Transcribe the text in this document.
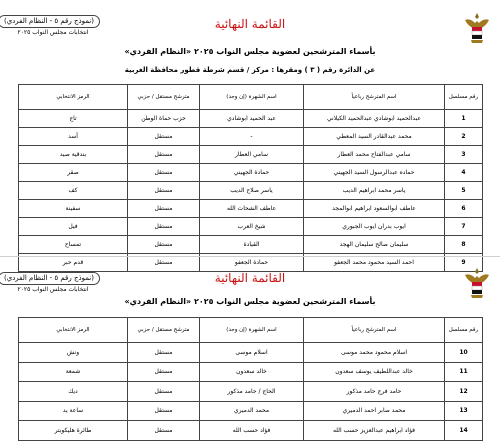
(نموذج رقم ٥ - النظام الفردي)
انتخابات مجلس النواب ٢٠٢٥
القائمة النهائية
بأسماء المترشحين لعضوية مجلس النواب ٢٠٢٥ «النظام الفردي»
عن الدائرة رقم ( ٣ ) ومقرها : مركز / قسم شرطة قطور محافظة الغربية
رقم مسلسل	اسم المترشح رباعياً	اسم الشهرة (إن وجد)	مترشح مستقل / حزبي	الرمز الانتخابي
1	عبدالحميد ابوشادي عبدالحميد الكيلاني	عبد الحميد ابوشادي	حزب حماة الوطن	تاج
2	محمد عبدالقادر السيد المعطي	-	مستقل	أسد
3	سامي عبدالفتاح محمد العطار	سامي العطار	مستقل	بندقية صيد
4	حماده عبدالرسول السيد الجهيني	حمادة الجهيني	مستقل	صقر
5	ياسر محمد ابراهيم الديب	ياسر صلاح الديب	مستقل	كف
6	عاطف ابوالسعود ابراهيم ابوالمجد	عاطف الشحات الله	مستقل	سفينة
7	ايوب بدران ايوب الجبوري	شيخ العرب	مستقل	فيل
8	سليمان صالح سليمان الهجد	القيادة	مستقل	تمساح
9	احمد السيد محمود محمد الجعفو	حمادة الجعفو	مستقل	قدم حبر
(نموذج رقم ٥ - النظام الفردي)
انتخابات مجلس النواب ٢٠٢٥
القائمة النهائية
بأسماء المترشحين لعضوية مجلس النواب ٢٠٢٥ «النظام الفردي»
رقم مسلسل	اسم المترشح رباعياً	اسم الشهرة (إن وجد)	مترشح مستقل / حزبي	الرمز الانتخابي
10	اسلام محمود محمد موسى	اسلام موسى	مستقل	ونش
11	خالد عبداللطيف يوسف سعدون	خالد سعدون	مستقل	شمعة
12	حامد فرج حامد مذكور	الحاج / حامد مذكور	مستقل	ديك
13	محمد صابر احمد الدميري	محمد الدميري	مستقل	ساعة يد
14	فؤاد ابراهيم عبدالعزيز حسب الله	فؤاد حسب الله	مستقل	طائرة هليكوبتر
